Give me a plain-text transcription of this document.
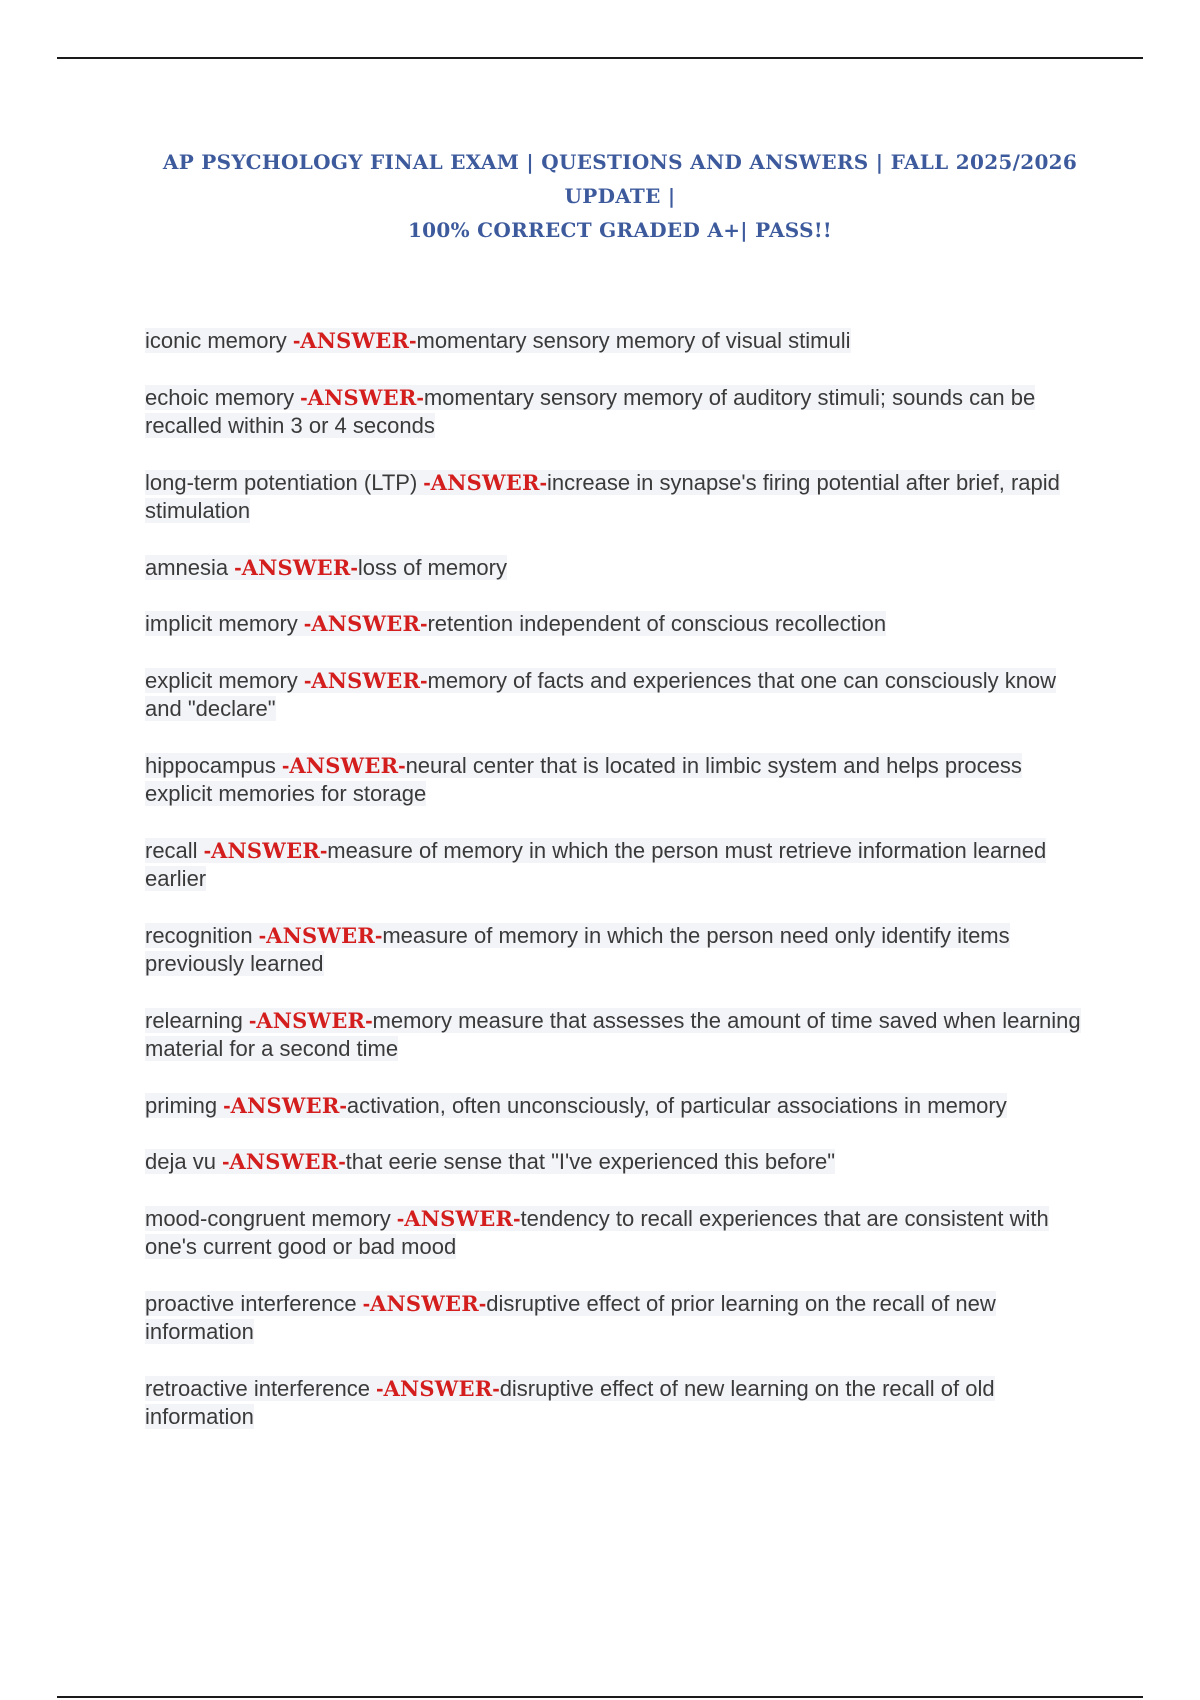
AP PSYCHOLOGY FINAL EXAM | QUESTIONS AND ANSWERS | FALL 2025/2026 UPDATE |
100% CORRECT GRADED A+| PASS!!
iconic memory -ANSWER-momentary sensory memory of visual stimuli
echoic memory -ANSWER-momentary sensory memory of auditory stimuli; sounds can be recalled within 3 or 4 seconds
long-term potentiation (LTP) -ANSWER-increase in synapse's firing potential after brief, rapid stimulation
amnesia -ANSWER-loss of memory
implicit memory -ANSWER-retention independent of conscious recollection
explicit memory -ANSWER-memory of facts and experiences that one can consciously know and "declare"
hippocampus -ANSWER-neural center that is located in limbic system and helps process explicit memories for storage
recall -ANSWER-measure of memory in which the person must retrieve information learned earlier
recognition -ANSWER-measure of memory in which the person need only identify items previously learned
relearning -ANSWER-memory measure that assesses the amount of time saved when learning material for a second time
priming -ANSWER-activation, often unconsciously, of particular associations in memory
deja vu -ANSWER-that eerie sense that "I've experienced this before"
mood-congruent memory -ANSWER-tendency to recall experiences that are consistent with one's current good or bad mood
proactive interference -ANSWER-disruptive effect of prior learning on the recall of new information
retroactive interference -ANSWER-disruptive effect of new learning on the recall of old information
